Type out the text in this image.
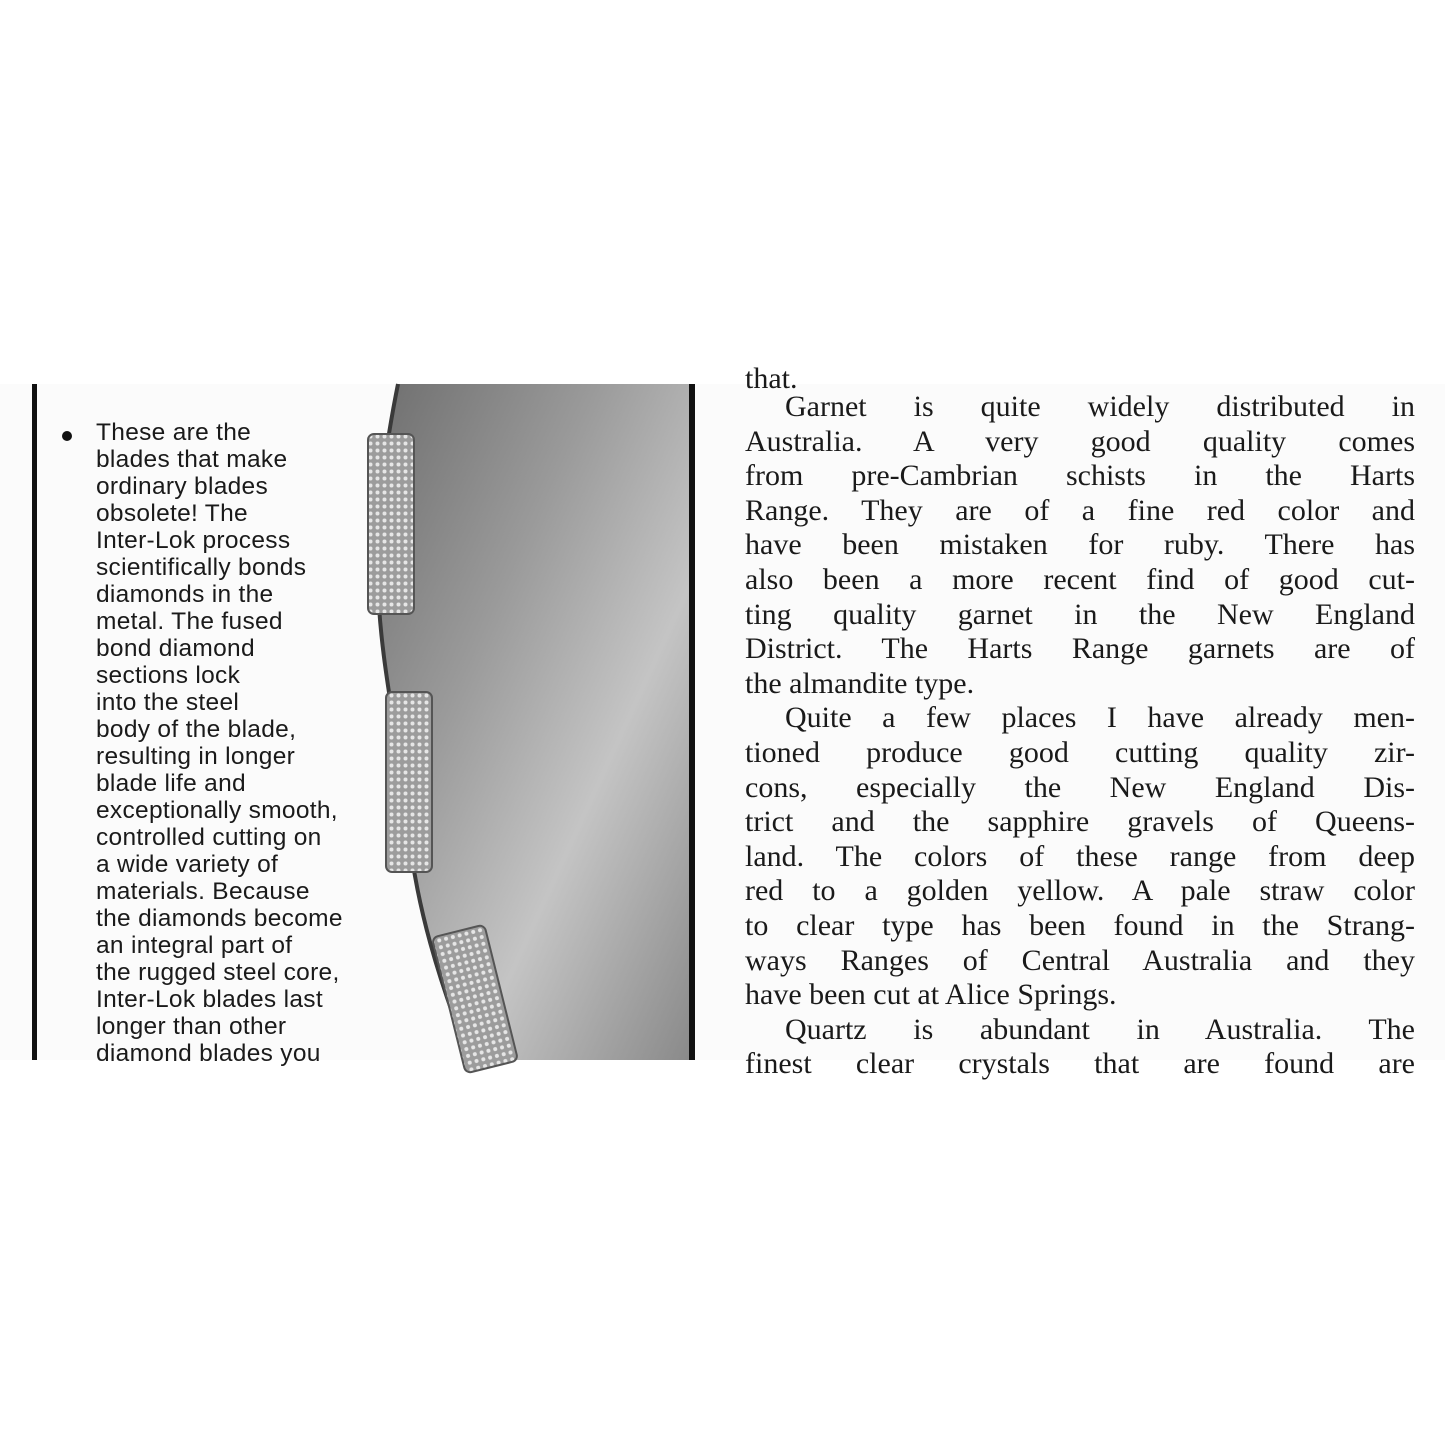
These are the
blades that make
ordinary blades
obsolete! The
Inter-Lok process
scientifically bonds
diamonds in the
metal. The fused
bond diamond
sections lock
into the steel
body of the blade,
resulting in longer
blade life and
exceptionally smooth,
controlled cutting on
a wide variety of
materials. Because
the diamonds become
an integral part of
the rugged steel core,
Inter-Lok blades last
longer than other
diamond blades you

that.
Garnet is quite widely distributed in
Australia. A very good quality comes
from pre-Cambrian schists in the Harts
Range. They are of a fine red color and
have been mistaken for ruby. There has
also been a more recent find of good cut-
ting quality garnet in the New England
District. The Harts Range garnets are of
the almandite type.
Quite a few places I have already men-
tioned produce good cutting quality zir-
cons, especially the New England Dis-
trict and the sapphire gravels of Queens-
land. The colors of these range from deep
red to a golden yellow. A pale straw color
to clear type has been found in the Strang-
ways Ranges of Central Australia and they
have been cut at Alice Springs.
Quartz is abundant in Australia. The
finest clear crystals that are found are
